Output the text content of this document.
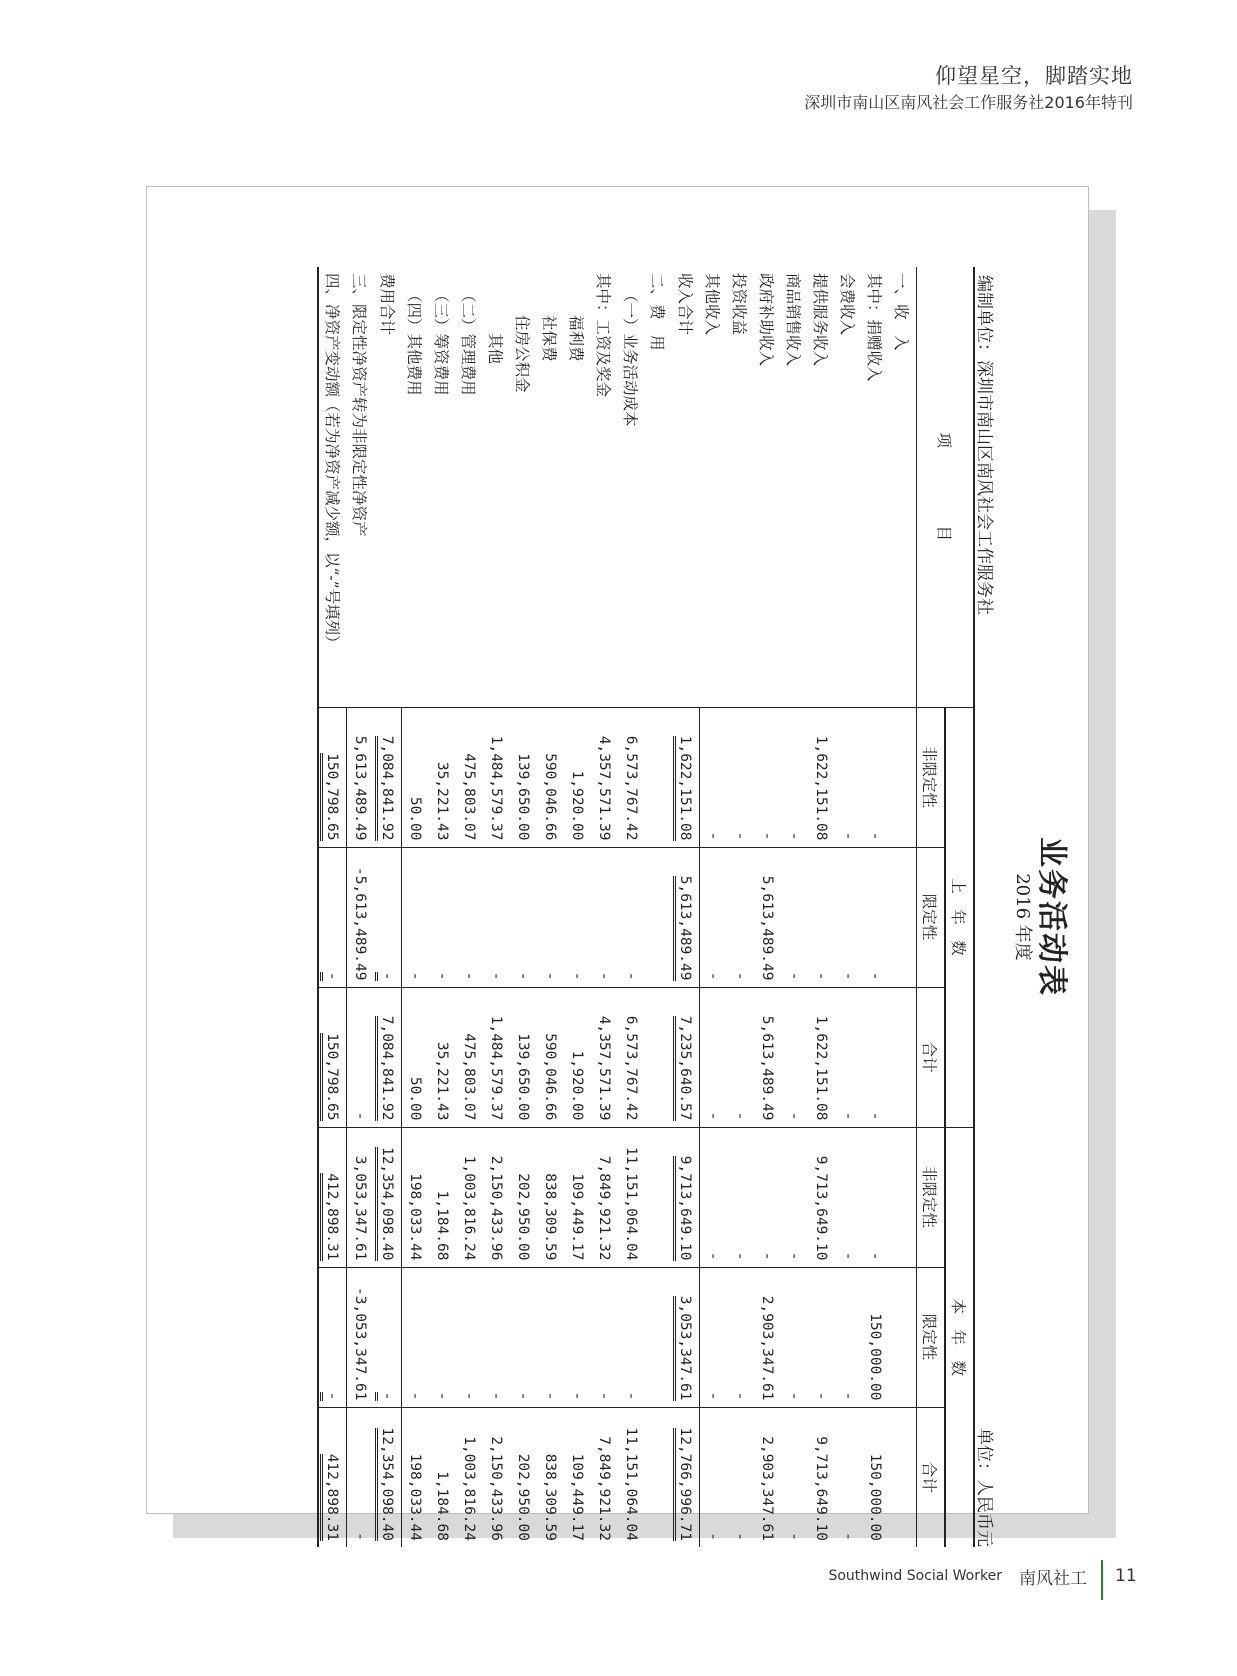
仰望星空，脚踏实地
深圳市南山区南风社会工作服务社2016年特刊
业务活动表
2016 年度
编制单位：深圳市南山区南风社会工作服务社
单位：人民币元
项　　　　　目	上　年　数			本　年　数		
	非限定性	限定性	合计	非限定性	限定性	合计
一、收　入						
其中：捐赠收入	-	-	-	-	150,000.00	150,000.00
会费收入	-	-	-	-	-	-
提供服务收入	1,622,151.08	-	1,622,151.08	9,713,649.10	-	9,713,649.10
商品销售收入	-	-	-	-	-	-
政府补助收入	-	5,613,489.49	5,613,489.49	-	2,903,347.61	2,903,347.61
投资收益	-	-	-	-	-	-
其他收入	-	-	-	-	-	-
收入合计	1,622,151.08	5,613,489.49	7,235,640.57	9,713,649.10	3,053,347.61	12,766,996.71
二、费　用						
（一）业务活动成本	6,573,767.42	-	6,573,767.42	11,151,064.04	-	11,151,064.04
其中：工资及奖金	4,357,571.39	-	4,357,571.39	7,849,921.32	-	7,849,921.32
福利费	1,920.00	-	1,920.00	109,449.17	-	109,449.17
社保费	590,046.66	-	590,046.66	838,309.59	-	838,309.59
住房公积金	139,650.00	-	139,650.00	202,950.00	-	202,950.00
其他	1,484,579.37	-	1,484,579.37	2,150,433.96	-	2,150,433.96
（二）管理费用	475,803.07	-	475,803.07	1,003,816.24	-	1,003,816.24
（三）筹资费用	35,221.43	-	35,221.43	1,184.68	-	1,184.68
（四）其他费用	50.00	-	50.00	198,033.44	-	198,033.44
费用合计	7,084,841.92	-	7,084,841.92	12,354,098.40	-	12,354,098.40
三、限定性净资产转为非限定性净资产	5,613,489.49	-5,613,489.49	-	3,053,347.61	-3,053,347.61	-
四、净资产变动额（若为净资产减少额，以“-”号填列）	150,798.65	-	150,798.65	412,898.31	-	412,898.31
Southwind Social Worker 南风社工 11
